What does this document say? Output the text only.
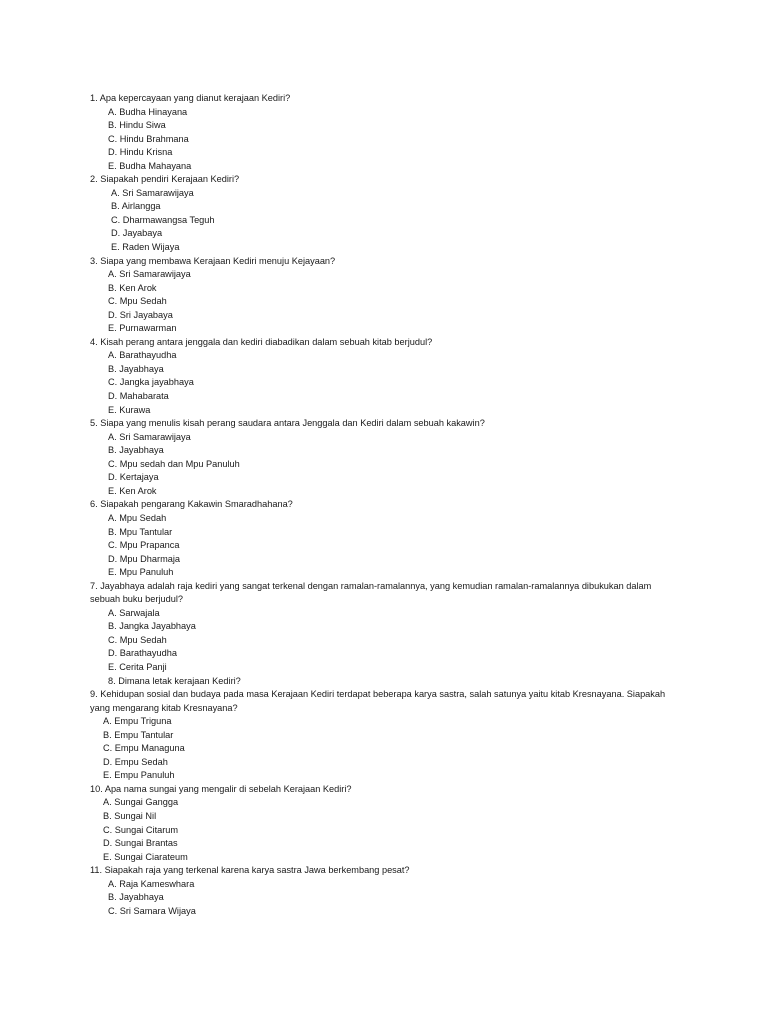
1. Apa kepercayaan yang dianut kerajaan Kediri?
A. Budha Hinayana
B. Hindu Siwa
C. Hindu Brahmana
D. Hindu Krisna
E. Budha Mahayana
2. Siapakah pendiri Kerajaan Kediri?
A. Sri Samarawijaya
B. Airlangga
C. Dharmawangsa Teguh
D. Jayabaya
E. Raden Wijaya
3. Siapa yang membawa Kerajaan Kediri menuju Kejayaan?
A. Sri Samarawijaya
B. Ken Arok
C. Mpu Sedah
D. Sri Jayabaya
E. Purnawarman
4. Kisah perang antara jenggala dan kediri diabadikan dalam sebuah kitab berjudul?
A. Barathayudha
B. Jayabhaya
C. Jangka jayabhaya
D. Mahabarata
E. Kurawa
5. Siapa yang menulis kisah perang saudara antara Jenggala dan Kediri dalam sebuah kakawin?
A. Sri Samarawijaya
B. Jayabhaya
C. Mpu sedah dan Mpu Panuluh
D. Kertajaya
E. Ken Arok
6. Siapakah pengarang Kakawin Smaradhahana?
A. Mpu Sedah
B. Mpu Tantular
C. Mpu Prapanca
D. Mpu Dharmaja
E. Mpu Panuluh
7. Jayabhaya adalah raja kediri yang sangat terkenal dengan ramalan-ramalannya, yang kemudian ramalan-ramalannya dibukukan dalam sebuah buku berjudul?
A. Sarwajala
B. Jangka Jayabhaya
C. Mpu Sedah
D. Barathayudha
E. Cerita Panji
8. Dimana letak kerajaan Kediri?
9. Kehidupan sosial dan budaya pada masa Kerajaan Kediri terdapat beberapa karya sastra, salah satunya yaitu kitab Kresnayana. Siapakah yang mengarang kitab Kresnayana?
A. Empu Triguna
B. Empu Tantular
C. Empu Managuna
D. Empu Sedah
E. Empu Panuluh
10. Apa nama sungai yang mengalir di sebelah Kerajaan Kediri?
A. Sungai Gangga
B. Sungai Nil
C. Sungai Citarum
D. Sungai Brantas
E. Sungai Ciarateum
11. Siapakah raja yang terkenal karena karya sastra Jawa berkembang pesat?
A. Raja Kameswhara
B. Jayabhaya
C. Sri Samara Wijaya
